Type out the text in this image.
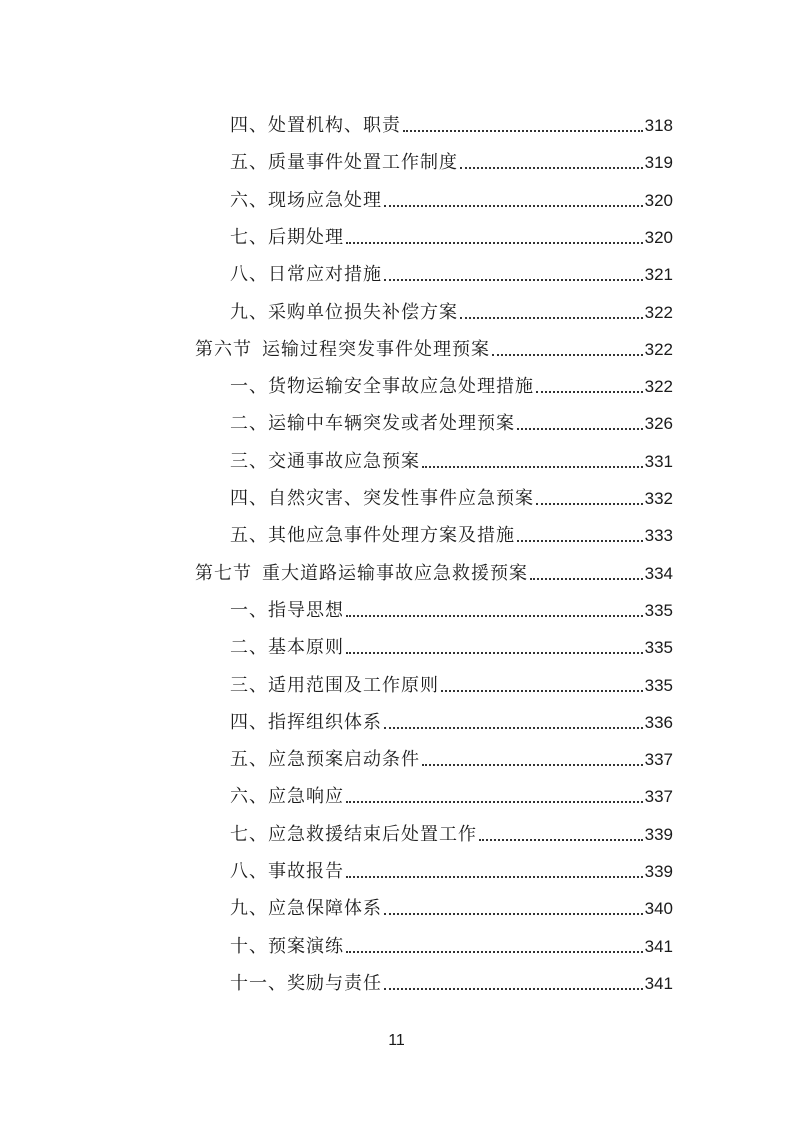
四、 处置机构、职责	318
五、 质量事件处置工作制度	319
六、 现场应急处理	320
七、 后期处理	320
八、 日常应对措施	321
九、 采购单位损失补偿方案	322
第六节 运输过程突发事件处理预案	322
一、 货物运输安全事故应急处理措施	322
二、 运输中车辆突发或者处理预案	326
三、 交通事故应急预案	331
四、 自然灾害、突发性事件应急预案	332
五、 其他应急事件处理方案及措施	333
第七节 重大道路运输事故应急救援预案	334
一、 指导思想	335
二、 基本原则	335
三、 适用范围及工作原则	335
四、 指挥组织体系	336
五、 应急预案启动条件	337
六、 应急响应	337
七、 应急救援结束后处置工作	339
八、 事故报告	339
九、 应急保障体系	340
十、 预案演练	341
十一、 奖励与责任	341
11
